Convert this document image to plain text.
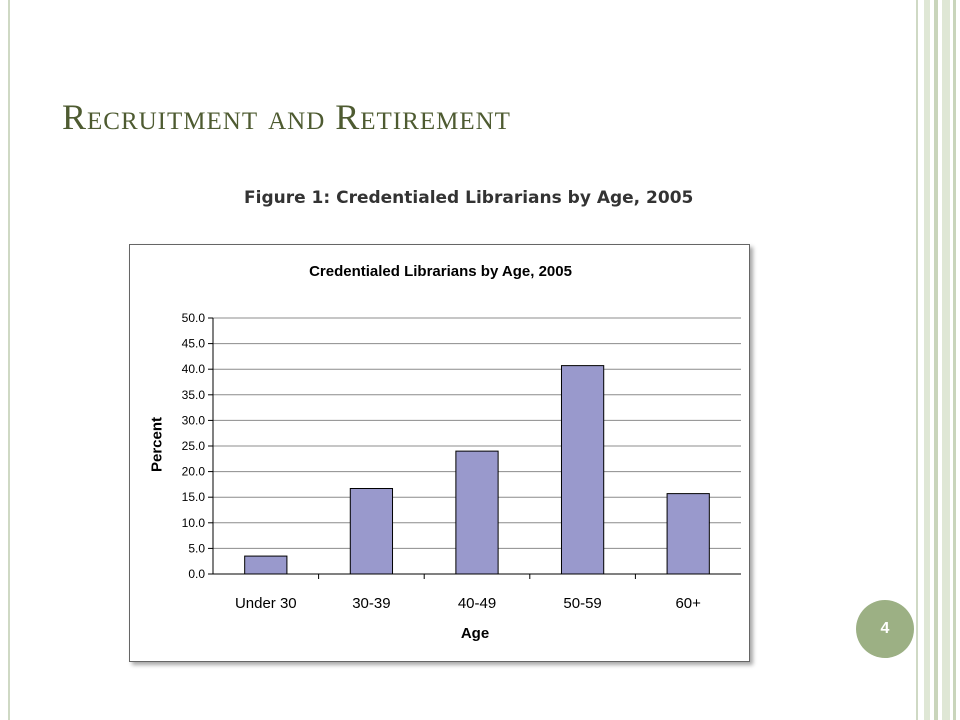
Recruitment and Retirement
Figure 1: Credentialed Librarians by Age, 2005
Credentialed Librarians by Age, 2005
0.0
5.0
10.0
15.0
20.0
25.0
30.0
35.0
40.0
45.0
50.0
Under 30	30-39	40-49	50-59	60+
Percent
Age	4
